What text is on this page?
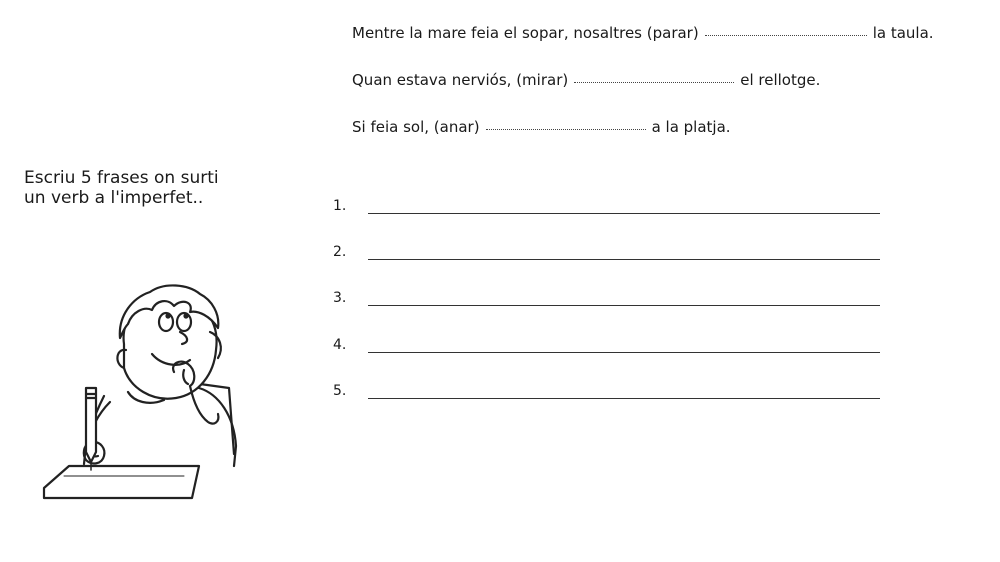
Mentre la mare feia el sopar, nosaltres (parar)	la taula.
Quan estava nerviós, (mirar)	el rellotge.
Si feia sol, (anar)	a la platja.
Escriu 5 frases on surti
un verb a l'imperfet..	1.
2.
3.
4.
5.
